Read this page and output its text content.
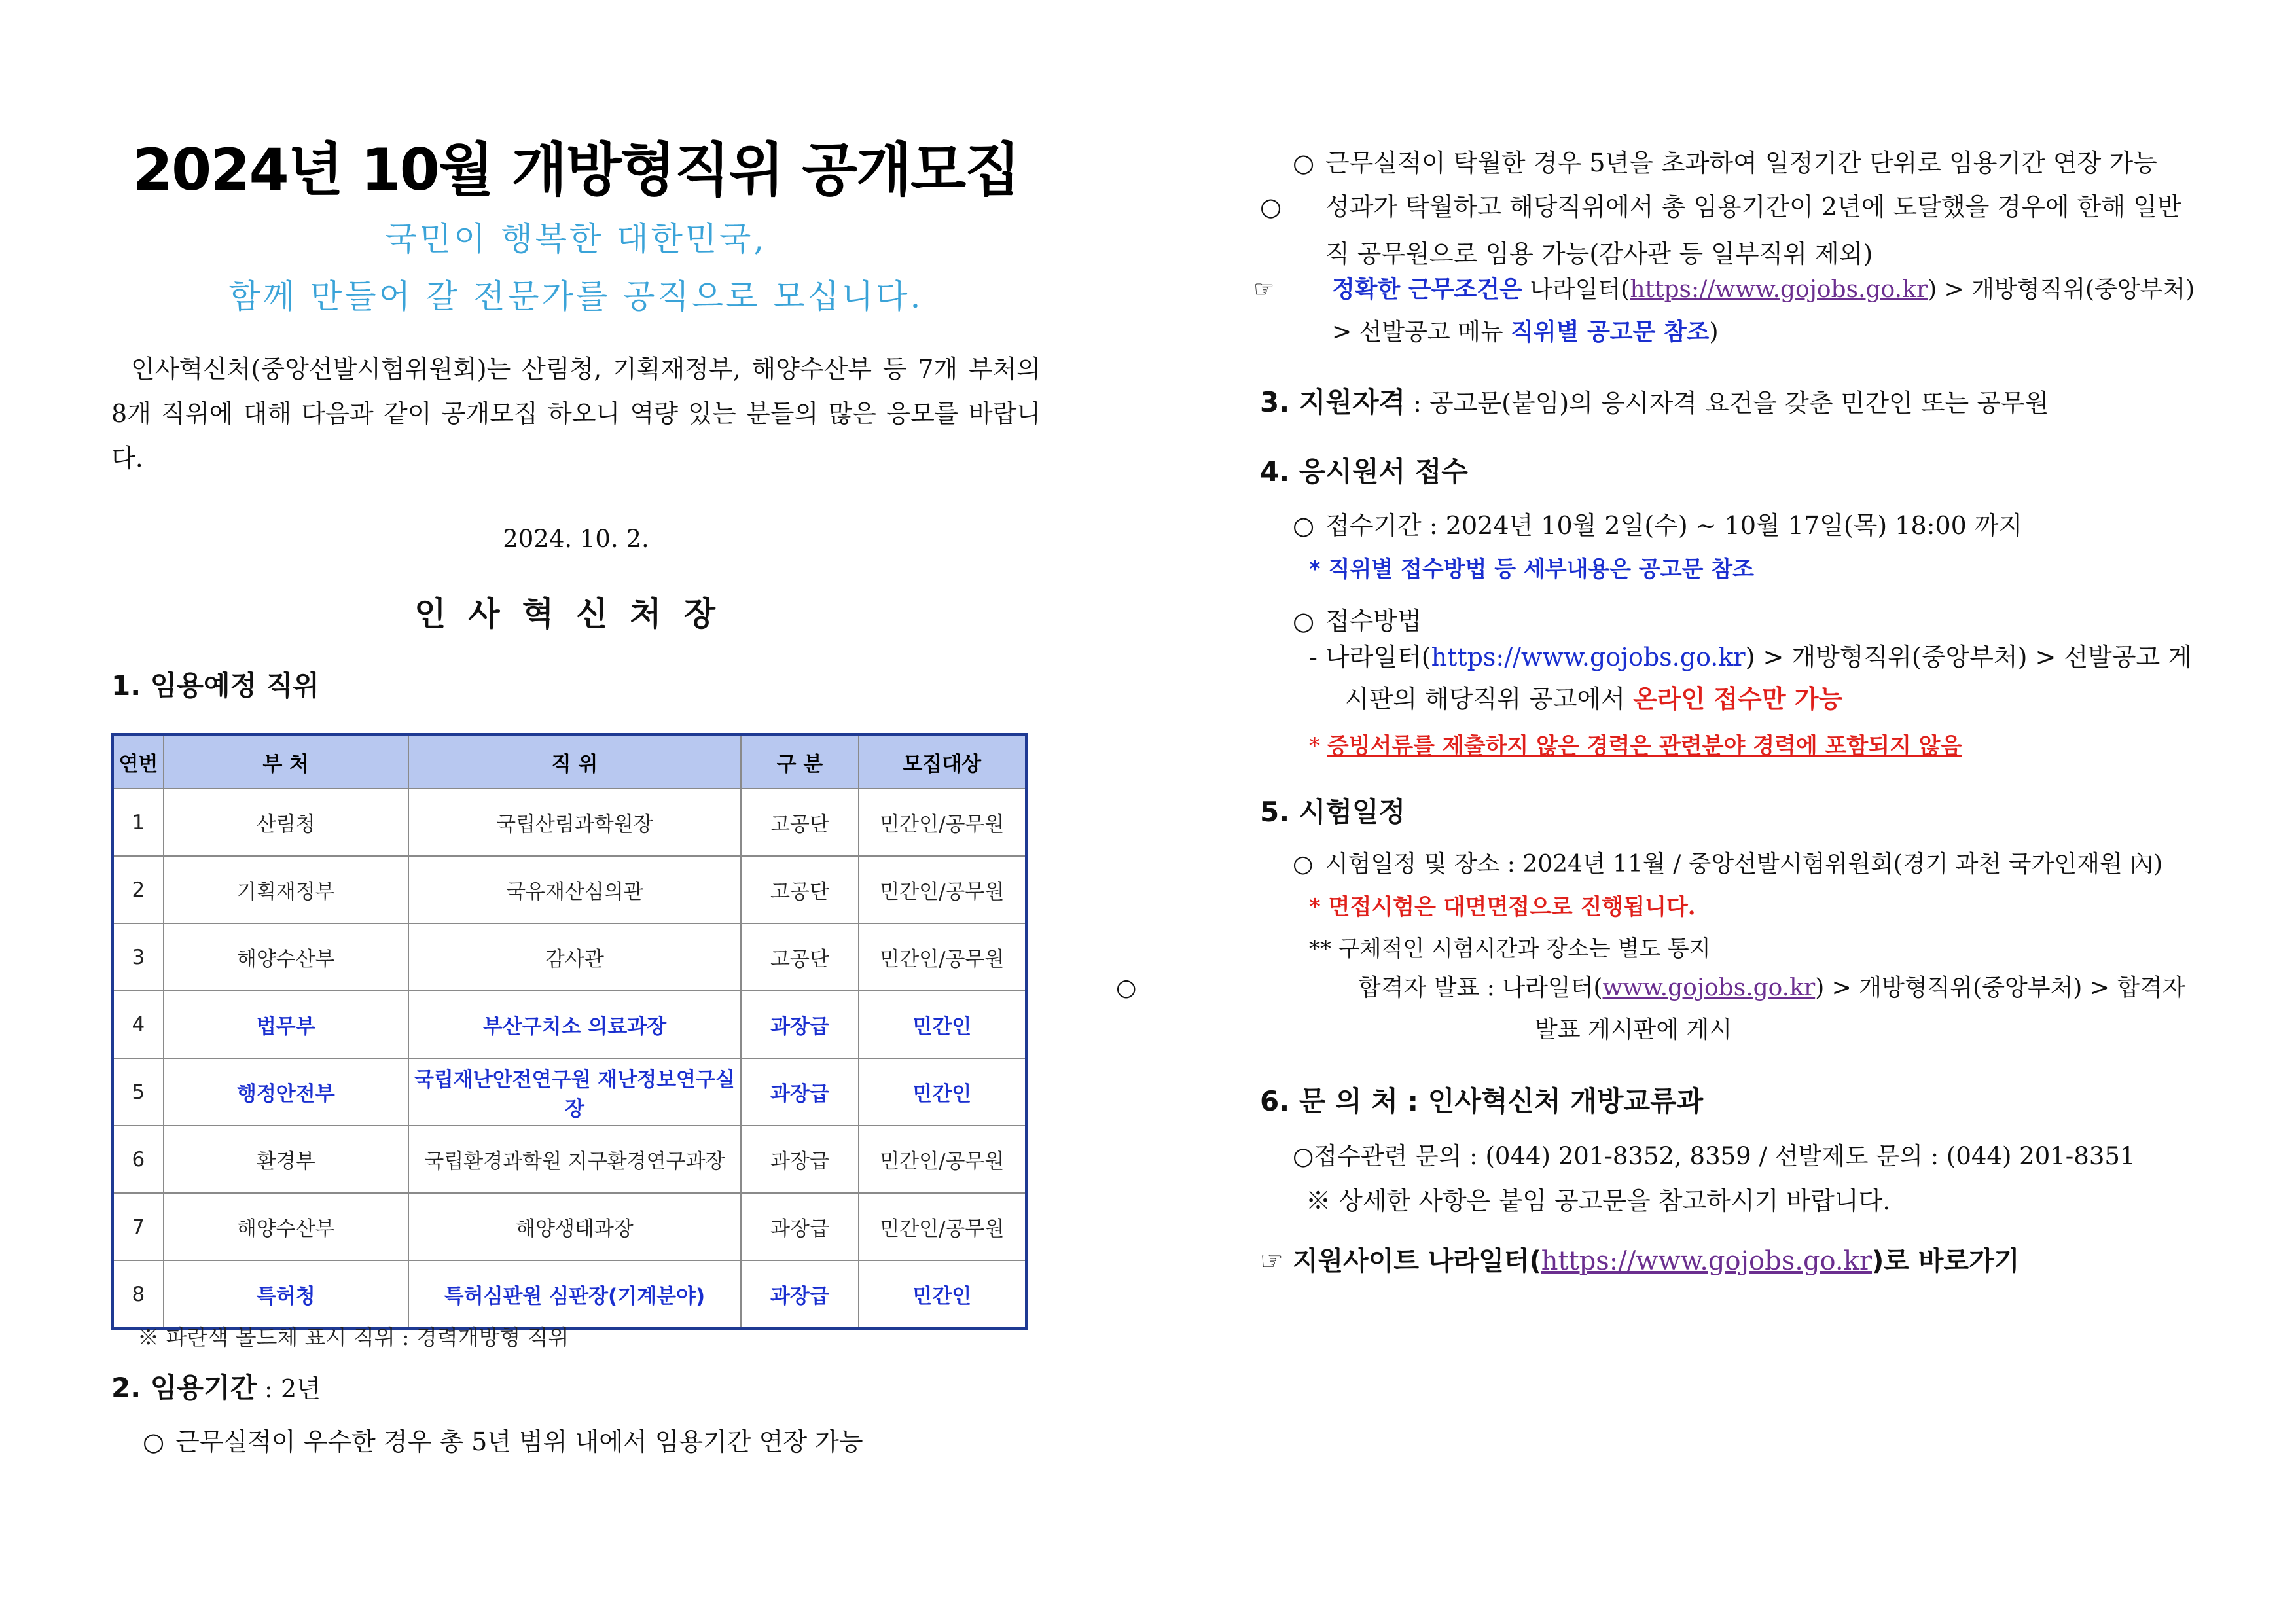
2024년 10월 개방형직위 공개모집
국민이 행복한 대한민국,
함께 만들어 갈 전문가를 공직으로 모십니다.

인사혁신처(중앙선발시험위원회)는 산림청, 기획재정부, 해양수산부 등 7개 부처의 8개 직위에 대해 다음과 같이 공개모집 하오니 역량 있는 분들의 많은 응모를 바랍니다.

2024. 10. 2.
인사혁신처장
1. 임용예정 직위
연번	부 처	직 위	구 분	모집대상
1	산림청	국립산림과학원장	고공단	민간인/공무원
2	기획재정부	국유재산심의관	고공단	민간인/공무원
3	해양수산부	감사관	고공단	민간인/공무원
4	법무부	부산구치소 의료과장	과장급	민간인
5	행정안전부	국립재난안전연구원 재난정보연구실장	과장급	민간인
6	환경부	국립환경과학원 지구환경연구과장	과장급	민간인/공무원
7	해양수산부	해양생태과장	과장급	민간인/공무원
8	특허청	특허심판원 심판장(기계분야)	과장급	민간인
※ 파란색 볼드체 표시 직위 : 경력개방형 직위
2. 임용기간 : 2년
○ 근무실적이 우수한 경우 총 5년 범위 내에서 임용기간 연장 가능
○ 근무실적이 탁월한 경우 5년을 초과하여 일정기간 단위로 임용기간 연장 가능
○ 성과가 탁월하고 해당직위에서 총 임용기간이 2년에 도달했을 경우에 한해 일반직 공무원으로 임용 가능(감사관 등 일부직위 제외)
☞ 정확한 근무조건은 나라일터(https://www.gojobs.go.kr) > 개방형직위(중앙부처) > 선발공고 메뉴 직위별 공고문 참조)
3. 지원자격 : 공고문(붙임)의 응시자격 요건을 갖춘 민간인 또는 공무원
4. 응시원서 접수
○ 접수기간 : 2024년 10월 2일(수) ~ 10월 17일(목) 18:00 까지
* 직위별 접수방법 등 세부내용은 공고문 참조
○ 접수방법
- 나라일터(https://www.gojobs.go.kr) > 개방형직위(중앙부처) > 선발공고 게시판의 해당직위 공고에서 온라인 접수만 가능
* 증빙서류를 제출하지 않은 경력은 관련분야 경력에 포함되지 않음
5. 시험일정
○ 시험일정 및 장소 : 2024년 11월 / 중앙선발시험위원회(경기 과천 국가인재원 內)
* 면접시험은 대면면접으로 진행됩니다.
** 구체적인 시험시간과 장소는 별도 통지
○	합격자 발표 : 나라일터(www.gojobs.go.kr) > 개방형직위(중앙부처) > 합격자발표 게시판에 게시
6. 문 의 처 : 인사혁신처 개방교류과
○접수관련 문의 : (044) 201-8352, 8359 / 선발제도 문의 : (044) 201-8351
※ 상세한 사항은 붙임 공고문을 참고하시기 바랍니다.
☞ 지원사이트 나라일터(https://www.gojobs.go.kr)로 바로가기
